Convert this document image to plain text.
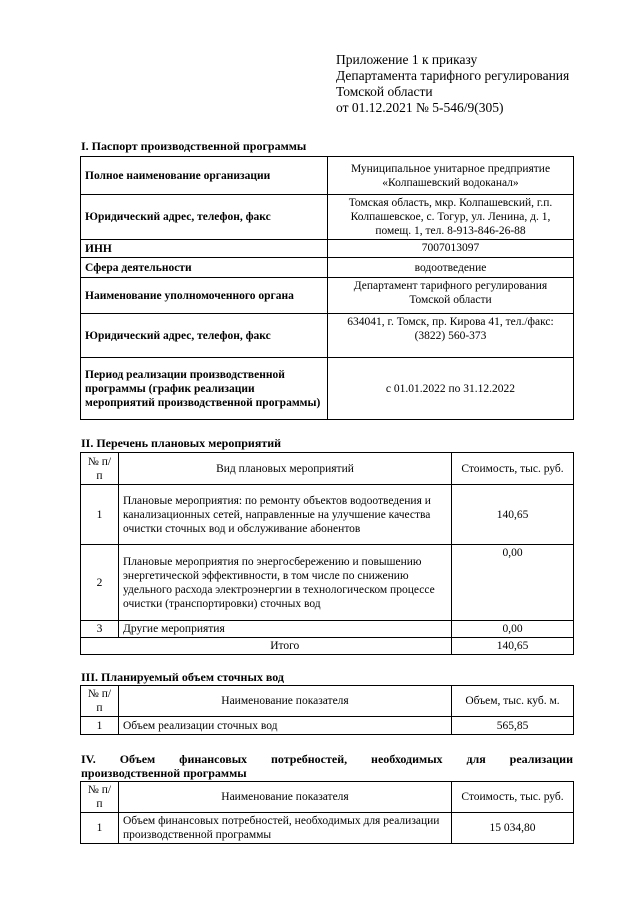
Приложение 1 к приказу
Департамента тарифного регулирования
Томской области
от 01.12.2021 № 5-546/9(305)
I. Паспорт производственной программы
Полное наименование организации	Муниципальное унитарное предприятие «Колпашевский водоканал»
Юридический адрес, телефон, факс	Томская область, мкр. Колпашевский, г.п. Колпашевское, с. Тогур, ул. Ленина, д. 1, помещ. 1, тел. 8-913-846-26-88
ИНН	7007013097
Сфера деятельности	водоотведение
Наименование уполномоченного органа	Департамент тарифного регулирования Томской области
Юридический адрес, телефон, факс	634041, г. Томск, пр. Кирова 41, тел./факс: (3822) 560-373
Период реализации производственной программы (график реализации мероприятий производственной программы)	с 01.01.2022 по 31.12.2022
II. Перечень плановых мероприятий
№ п/п	Вид плановых мероприятий	Стоимость, тыс. руб.
1	Плановые мероприятия: по ремонту объектов водоотведения и канализационных сетей, направленные на улучшение качества очистки сточных вод и обслуживание абонентов	140,65
2	Плановые мероприятия по энергосбережению и повышению энергетической эффективности, в том числе по снижению удельного расхода электроэнергии в технологическом процессе очистки (транспортировки) сточных вод	0,00
3	Другие мероприятия	0,00
	Итого	140,65
III. Планируемый объем сточных вод
№ п/п	Наименование показателя	Объем, тыс. куб. м.
1	Объем реализации сточных вод	565,85
IV. Объем финансовых потребностей, необходимых для реализации
производственной программы
№ п/п	Наименование показателя	Стоимость, тыс. руб.
1	Объем финансовых потребностей, необходимых для реализации производственной программы	15 034,80
